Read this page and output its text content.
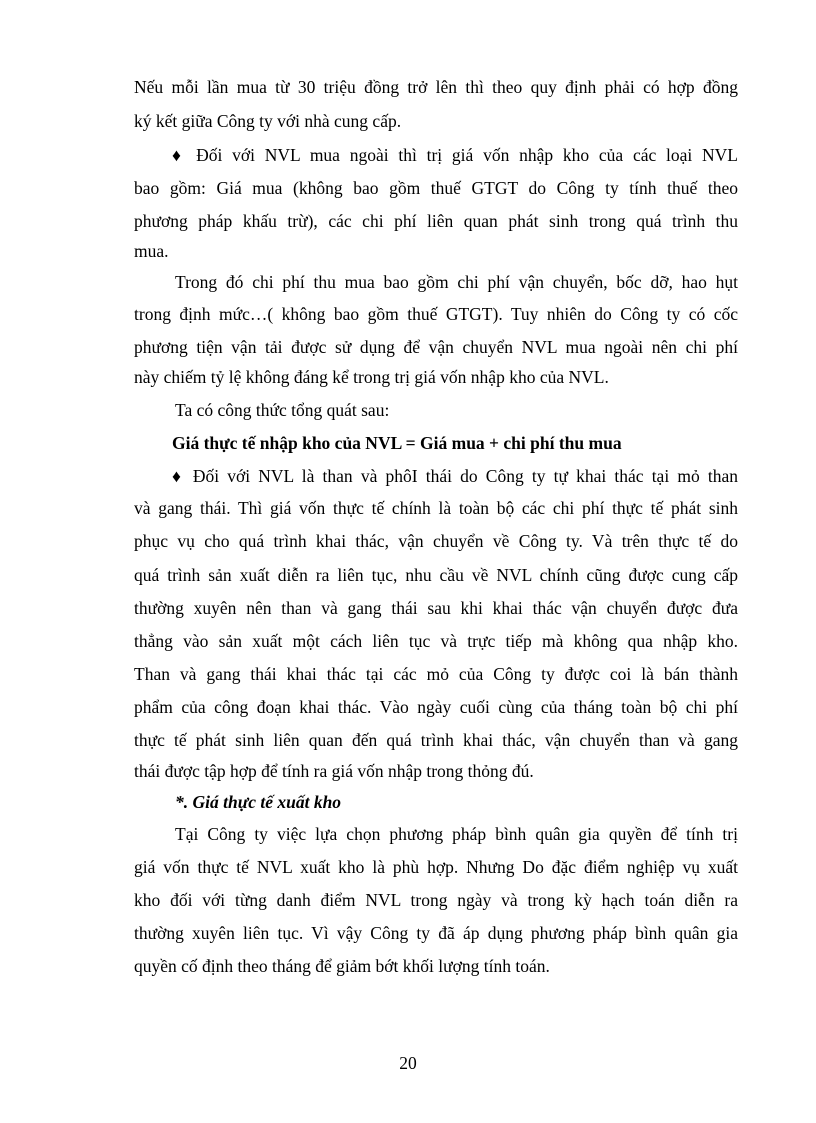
Nếu mỗi lần mua từ 30 triệu đồng trở lên thì theo quy định phải có hợp đồng
ký kết giữa Công ty với nhà cung cấp.
♦ Đối với NVL mua ngoài thì trị giá vốn nhập kho của các loại NVL
bao gồm: Giá mua (không bao gồm thuế GTGT do Công ty tính thuế theo
phương pháp khấu trừ), các chi phí liên quan phát sinh trong quá trình thu
mua.
Trong đó chi phí thu mua bao gồm chi phí vận chuyển, bốc dỡ, hao hụt
trong định mức…( không bao gồm thuế GTGT). Tuy nhiên do Công ty có cốc
phương tiện vận tải được sử dụng để vận chuyển NVL mua ngoài nên chi phí
này chiếm tỷ lệ không đáng kể trong trị giá vốn nhập kho của NVL.
Ta có công thức tổng quát sau:
Giá thực tế nhập kho của NVL = Giá mua + chi phí thu mua
♦ Đối với NVL là than và phôI thái do Công ty tự khai thác tại mỏ than
và gang thái. Thì giá vốn thực tế chính là toàn bộ các chi phí thực tế phát sinh
phục vụ cho quá trình khai thác, vận chuyển về Công ty. Và trên thực tế do
quá trình sản xuất diễn ra liên tục, nhu cầu về NVL chính cũng được cung cấp
thường xuyên nên than và gang thái sau khi khai thác vận chuyển được đưa
thẳng vào sản xuất một cách liên tục và trực tiếp mà không qua nhập kho.
Than và gang thái khai thác tại các mỏ của Công ty được coi là bán thành
phẩm của công đoạn khai thác. Vào ngày cuối cùng của tháng toàn bộ chi phí
thực tế phát sinh liên quan đến quá trình khai thác, vận chuyển than và gang
thái được tập hợp để tính ra giá vốn nhập trong thỏng đú.
*. Giá thực tế xuất kho
Tại Công ty việc lựa chọn phương pháp bình quân gia quyền để tính trị
giá vốn thực tế NVL xuất kho là phù hợp. Nhưng Do đặc điểm nghiệp vụ xuất
kho đối với từng danh điểm NVL trong ngày và trong kỳ hạch toán diễn ra
thường xuyên liên tục. Vì vậy Công ty đã áp dụng phương pháp bình quân gia
quyền cố định theo tháng để giảm bớt khối lượng tính toán.
20
